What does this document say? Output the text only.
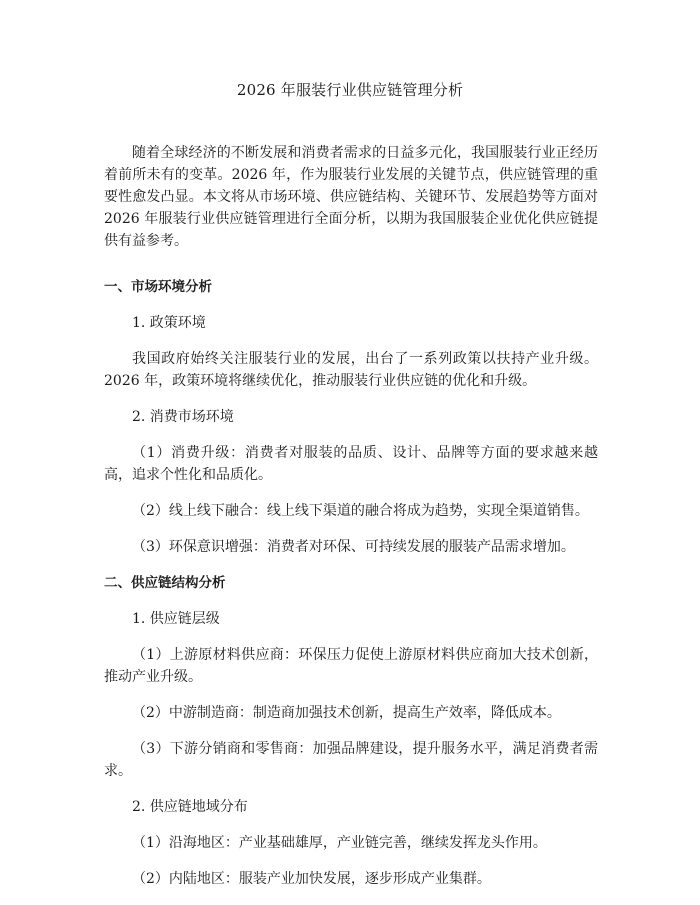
2026 年服装行业供应链管理分析

随着全球经济的不断发展和消费者需求的日益多元化，我国服装行业正经历着前所未有的变革。2026 年，作为服装行业发展的关键节点，供应链管理的重要性愈发凸显。本文将从市场环境、供应链结构、关键环节、发展趋势等方面对 2026 年服装行业供应链管理进行全面分析，以期为我国服装企业优化供应链提供有益参考。

一、市场环境分析
1. 政策环境

我国政府始终关注服装行业的发展，出台了一系列政策以扶持产业升级。2026 年，政策环境将继续优化，推动服装行业供应链的优化和升级。

2. 消费市场环境

（1）消费升级：消费者对服装的品质、设计、品牌等方面的要求越来越高，追求个性化和品质化。

（2）线上线下融合：线上线下渠道的融合将成为趋势，实现全渠道销售。

（3）环保意识增强：消费者对环保、可持续发展的服装产品需求增加。

二、供应链结构分析
1. 供应链层级

（1）上游原材料供应商：环保压力促使上游原材料供应商加大技术创新，推动产业升级。

（2）中游制造商：制造商加强技术创新，提高生产效率，降低成本。

（3）下游分销商和零售商：加强品牌建设，提升服务水平，满足消费者需求。

2. 供应链地域分布

（1）沿海地区：产业基础雄厚，产业链完善，继续发挥龙头作用。

（2）内陆地区：服装产业加快发展，逐步形成产业集群。
